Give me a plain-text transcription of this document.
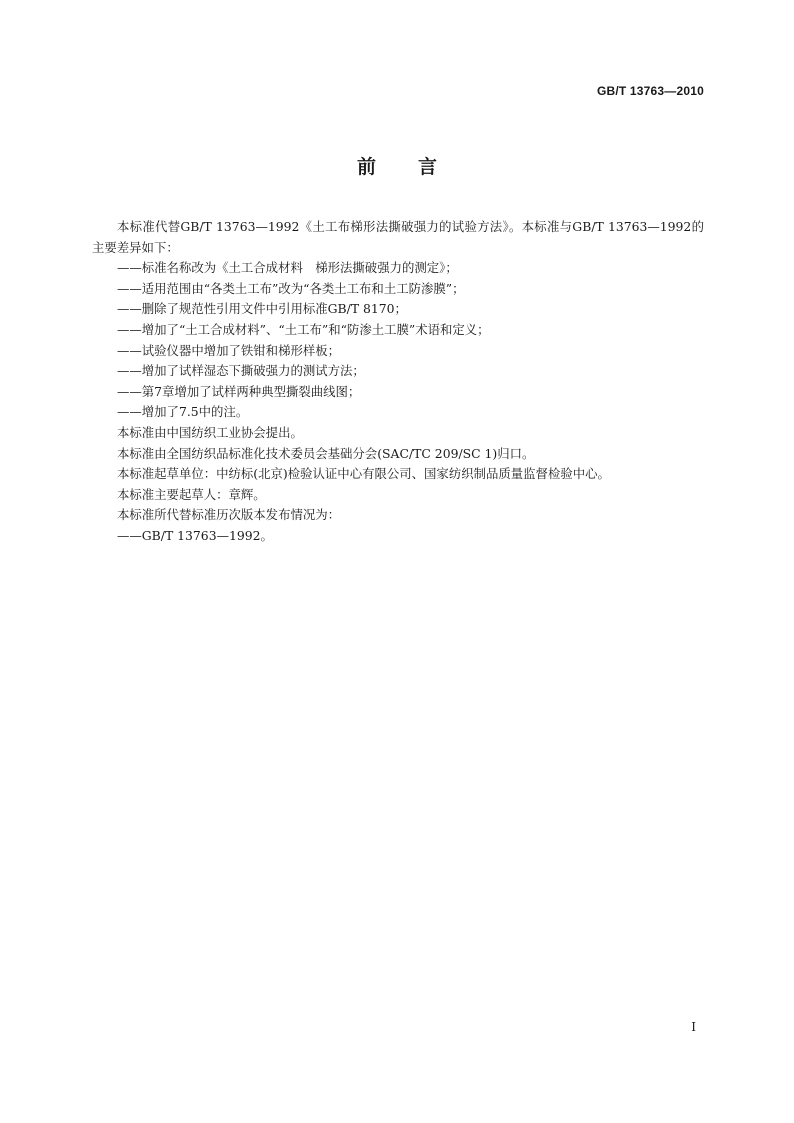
GB/T 13763—2010
前言

本标准代替GB/T 13763—1992《土工布梯形法撕破强力的试验方法》。本标准与GB/T 13763—1992的主要差异如下：

——标准名称改为《土工合成材料　梯形法撕破强力的测定》；

——适用范围由“各类土工布”改为“各类土工布和土工防渗膜”；

——删除了规范性引用文件中引用标准GB/T 8170；

——增加了“土工合成材料”、“土工布”和“防渗土工膜”术语和定义；

——试验仪器中增加了铁钳和梯形样板；

——增加了试样湿态下撕破强力的测试方法；

——第7章增加了试样两种典型撕裂曲线图；

——增加了7.5中的注。

本标准由中国纺织工业协会提出。

本标准由全国纺织品标准化技术委员会基础分会(SAC/TC 209/SC 1)归口。

本标准起草单位：中纺标(北京)检验认证中心有限公司、国家纺织制品质量监督检验中心。

本标准主要起草人：章辉。

本标准所代替标准历次版本发布情况为：

——GB/T 13763—1992。

I
